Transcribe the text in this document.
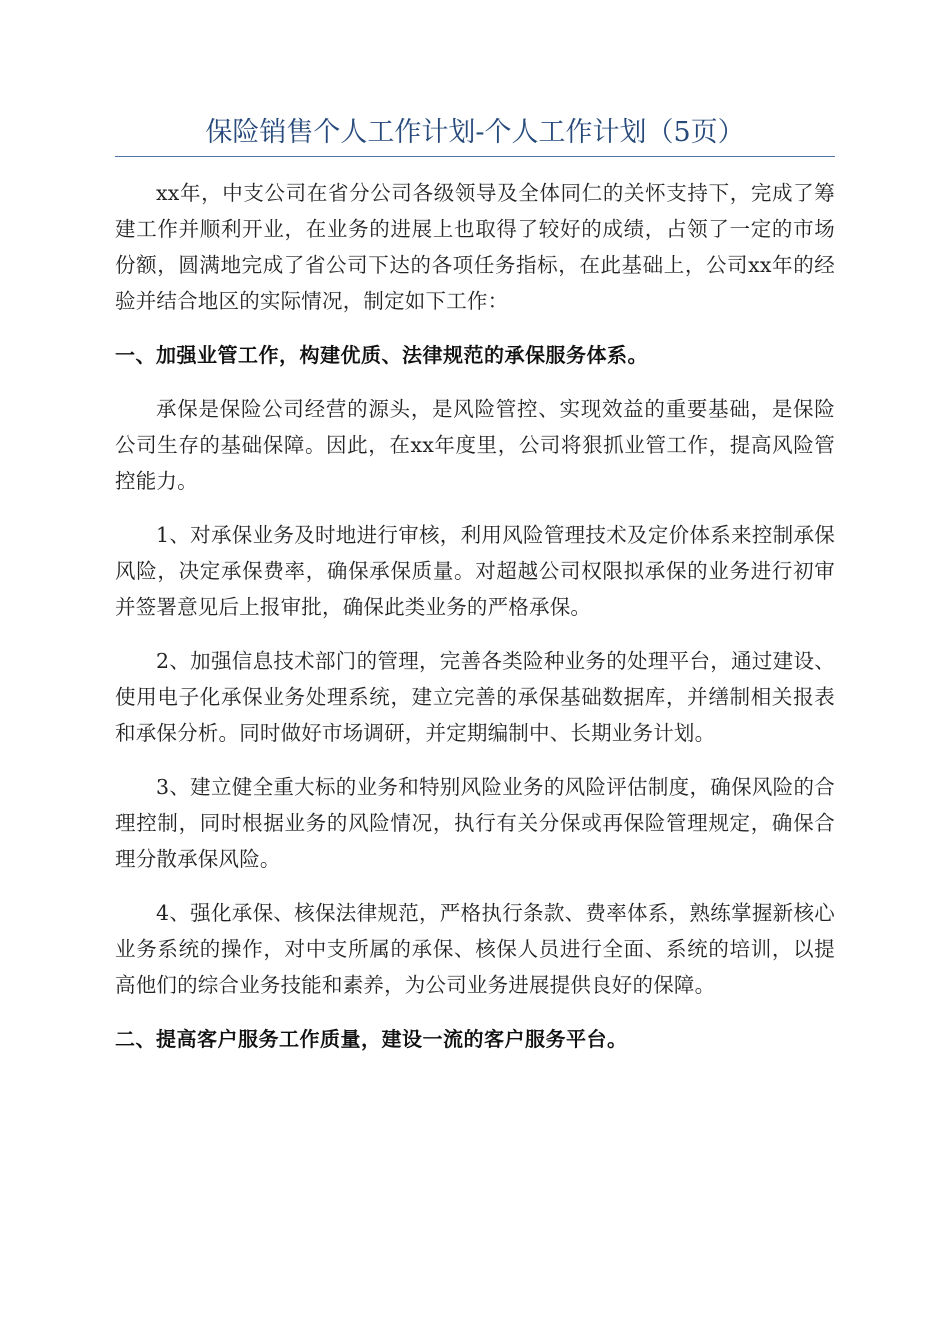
保险销售个人工作计划-个人工作计划（5页）

xx年，中支公司在省分公司各级领导及全体同仁的关怀支持下，完成了筹建工作并顺利开业，在业务的进展上也取得了较好的成绩，占领了一定的市场份额，圆满地完成了省公司下达的各项任务指标，在此基础上，公司xx年的经验并结合地区的实际情况，制定如下工作：

一、加强业管工作，构建优质、法律规范的承保服务体系。

承保是保险公司经营的源头，是风险管控、实现效益的重要基础，是保险公司生存的基础保障。因此，在xx年度里，公司将狠抓业管工作，提高风险管控能力。

1、对承保业务及时地进行审核，利用风险管理技术及定价体系来控制承保风险，决定承保费率，确保承保质量。对超越公司权限拟承保的业务进行初审并签署意见后上报审批，确保此类业务的严格承保。

2、加强信息技术部门的管理，完善各类险种业务的处理平台，通过建设、使用电子化承保业务处理系统，建立完善的承保基础数据库，并缮制相关报表和承保分析。同时做好市场调研，并定期编制中、长期业务计划。

3、建立健全重大标的业务和特别风险业务的风险评估制度，确保风险的合理控制，同时根据业务的风险情况，执行有关分保或再保险管理规定，确保合理分散承保风险。

4、强化承保、核保法律规范，严格执行条款、费率体系，熟练掌握新核心业务系统的操作，对中支所属的承保、核保人员进行全面、系统的培训，以提高他们的综合业务技能和素养，为公司业务进展提供良好的保障。

二、提高客户服务工作质量，建设一流的客户服务平台。
